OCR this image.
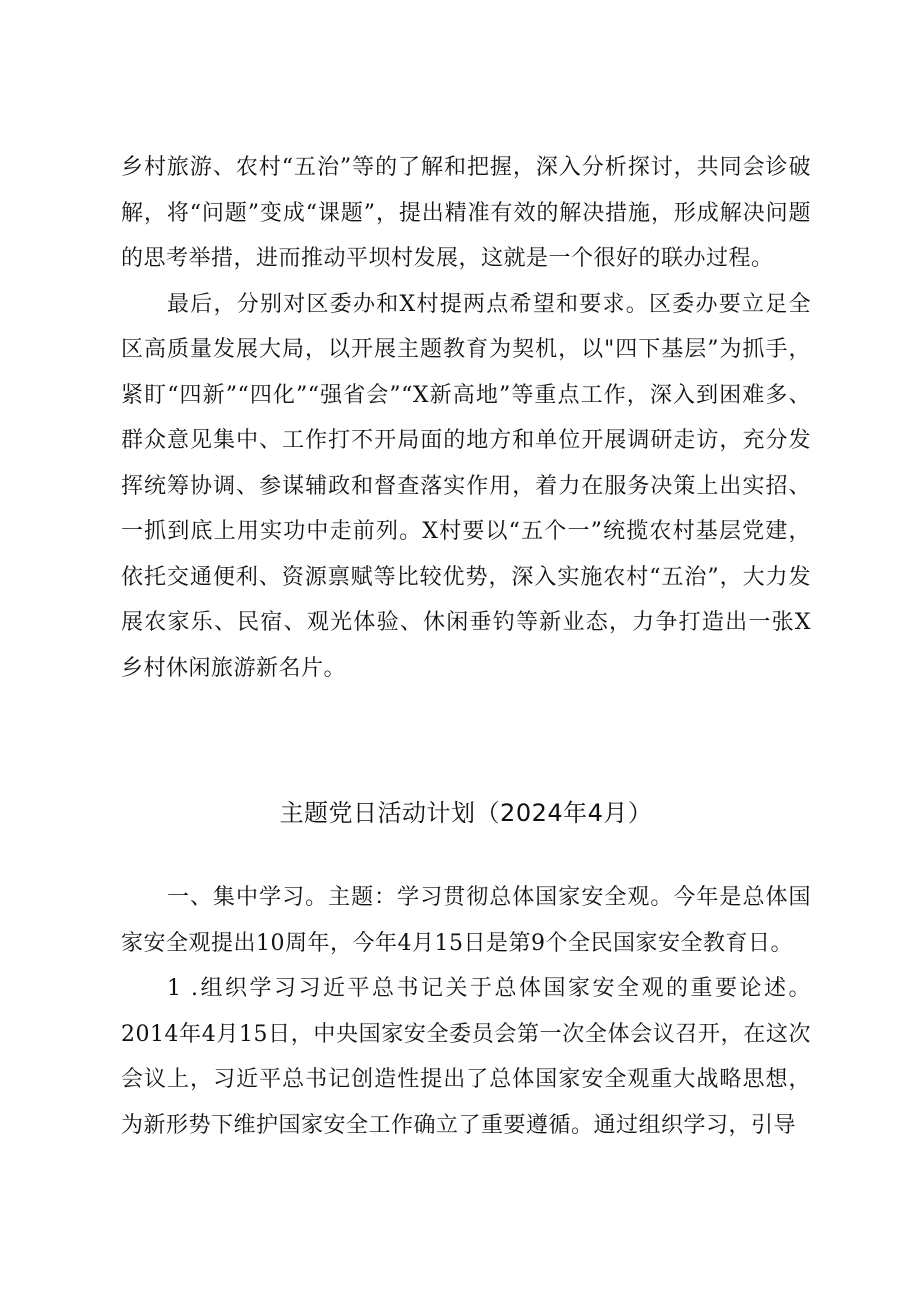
乡村旅游、农村“五治”等的了解和把握，深入分析探讨，共同会诊破解，将“问题”变成“课题”，提出精准有效的解决措施，形成解决问题的思考举措，进而推动平坝村发展，这就是一个很好的联办过程。

最后，分别对区委办和X村提两点希望和要求。区委办要立足全区高质量发展大局，以开展主题教育为契机，以"四下基层”为抓手，紧盯“四新”“四化”“强省会”“X新高地”等重点工作，深入到困难多、群众意见集中、工作打不开局面的地方和单位开展调研走访，充分发挥统筹协调、参谋辅政和督查落实作用，着力在服务决策上出实招、一抓到底上用实功中走前列。X村要以“五个一”统揽农村基层党建，依托交通便利、资源禀赋等比较优势，深入实施农村“五治”，大力发展农家乐、民宿、观光体验、休闲垂钓等新业态，力争打造出一张X乡村休闲旅游新名片。

主题党日活动计划（2024年4月）

一、集中学习。主题：学习贯彻总体国家安全观。今年是总体国家安全观提出10周年，今年4月15日是第9个全民国家安全教育日。

1 .组织学习习近平总书记关于总体国家安全观的重要论述。2014年4月15日，中央国家安全委员会第一次全体会议召开，在这次会议上，习近平总书记创造性提出了总体国家安全观重大战略思想，为新形势下维护国家安全工作确立了重要遵循。通过组织学习，引导
